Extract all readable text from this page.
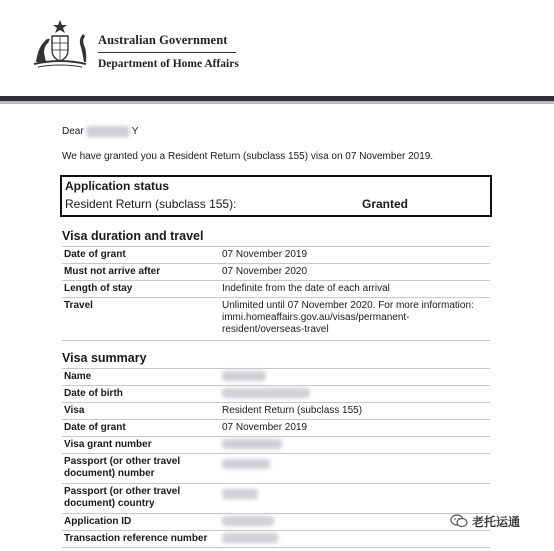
Australian Government
Department of Home Affairs
Dear	Y
We have granted you a Resident Return (subclass 155) visa on 07 November 2019.
Application status
Resident Return (subclass 155):	Granted
Visa duration and travel
Date of grant	07 November 2019
Must not arrive after	07 November 2020
Length of stay	Indefinite from the date of each arrival
Travel	Unlimited until 07 November 2020. For more information: immi.homeaffairs.gov.au/visas/permanent-resident/overseas-travel
Visa summary
Name
Date of birth
Visa	Resident Return (subclass 155)
Date of grant	07 November 2019
Visa grant number
Passport (or other travel document) number
Passport (or other travel document) country
Application ID
Transaction reference number
老托运通
